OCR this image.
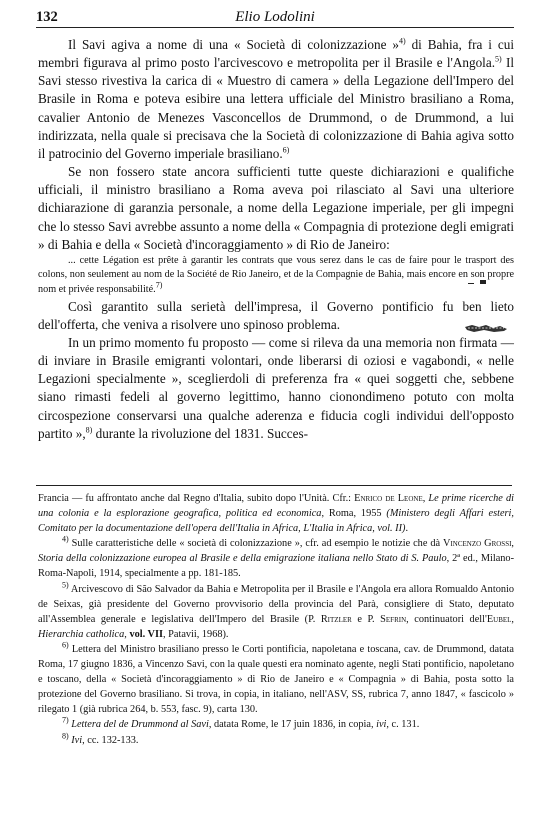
132	Elio Lodolini

Il Savi agiva a nome di una « Società di colonizzazione »$^{4)}$ di Bahia, fra i cui membri figurava al primo posto l'arcivescovo e metropolita per il Brasile e l'Angola.$^{5)}$ Il Savi stesso rivestiva la carica di « Muestro di camera » della Legazione dell'Impero del Brasile in Roma e poteva esibire una lettera ufficiale del Ministro brasiliano a Roma, cavalier Antonio de Menezes Vasconcellos de Drummond, o de Drummond, a lui indirizzata, nella quale si precisava che la Società di colonizzazione di Bahia agiva sotto il patrocinio del Governo imperiale brasiliano.$^{6)}$

Se non fossero state ancora sufficienti tutte queste dichiarazioni e qualifiche ufficiali, il ministro brasiliano a Roma aveva poi rilasciato al Savi una ulteriore dichiarazione di garanzia personale, a nome della Legazione imperiale, per gli impegni che lo stesso Savi avrebbe assunto a nome della « Compagnia di protezione degli emigrati » di Bahia e della « Società d'incoraggiamento » di Rio de Janeiro:

... cette Légation est prête à garantir les contrats que vous serez dans le cas de faire pour le trasport des colons, non seulement au nom de la Société de Rio Janeiro, et de la Compagnie de Bahia, mais encore en son propre nom et privée responsabilité.$^{7)}$

Così garantito sulla serietà dell'impresa, il Governo pontificio fu ben lieto dell'offerta, che veniva a risolvere uno spinoso problema.

In un primo momento fu proposto — come si rileva da una memoria non firmata — di inviare in Brasile emigranti volontari, onde liberarsi di oziosi e vagabondi, « nelle Legazioni specialmente », sceglierdoli di preferenza fra « quei soggetti che, sebbene siano rimasti fedeli al governo legittimo, hanno cionondimeno potuto con molta circospezione conservarsi una qualche aderenza e fiducia cogli individui dell'opposto partito »,$^{8)}$ durante la rivoluzione del 1831. Succes-

Francia — fu affrontato anche dal Regno d'Italia, subito dopo l'Unità. Cfr.: Enrico de Leone, Le prime ricerche di una colonia e la esplorazione geografica, politica ed economica, Roma, 1955 (Ministero degli Affari esteri, Comitato per la documentazione dell'opera dell'Italia in Africa, L'Italia in Africa, vol. II).

$^{4)}$ Sulle caratteristiche delle « società di colonizzazione », cfr. ad esempio le notizie che dà Vincenzo Grossi, Storia della colonizzazione europea al Brasile e della emigrazione italiana nello Stato di S. Paulo, 2ª ed., Milano-Roma-Napoli, 1914, specialmente a pp. 181-185.

$^{5)}$ Arcivescovo di São Salvador da Bahia e Metropolita per il Brasile e l'Angola era allora Romualdo Antonio de Seixas, già presidente del Governo provvisorio della provincia del Parà, consigliere di Stato, deputato all'Assemblea generale e legislativa dell'Impero del Brasile (P. Ritzler e P. Sefrin, continuatori dell'Eubel, Hierarchia catholica, vol. VII, Patavii, 1968).

$^{6)}$ Lettera del Ministro brasiliano presso le Corti pontificia, napoletana e toscana, cav. de Drummond, datata Roma, 17 giugno 1836, a Vincenzo Savi, con la quale questi era nominato agente, negli Stati pontificio, napoletano e toscano, della « Società d'incoraggiamento » di Rio de Janeiro e « Compagnia » di Bahia, posta sotto la protezione del Governo brasiliano. Si trova, in copia, in italiano, nell'ASV, SS, rubrica 7, anno 1847, « fascicolo » rilegato 1 (già rubrica 264, b. 553, fasc. 9), carta 130.

$^{7)}$ Lettera del de Drummond al Savi, datata Rome, le 17 juin 1836, in copia, ivi, c. 131.

$^{8)}$ Ivi, cc. 132-133.
